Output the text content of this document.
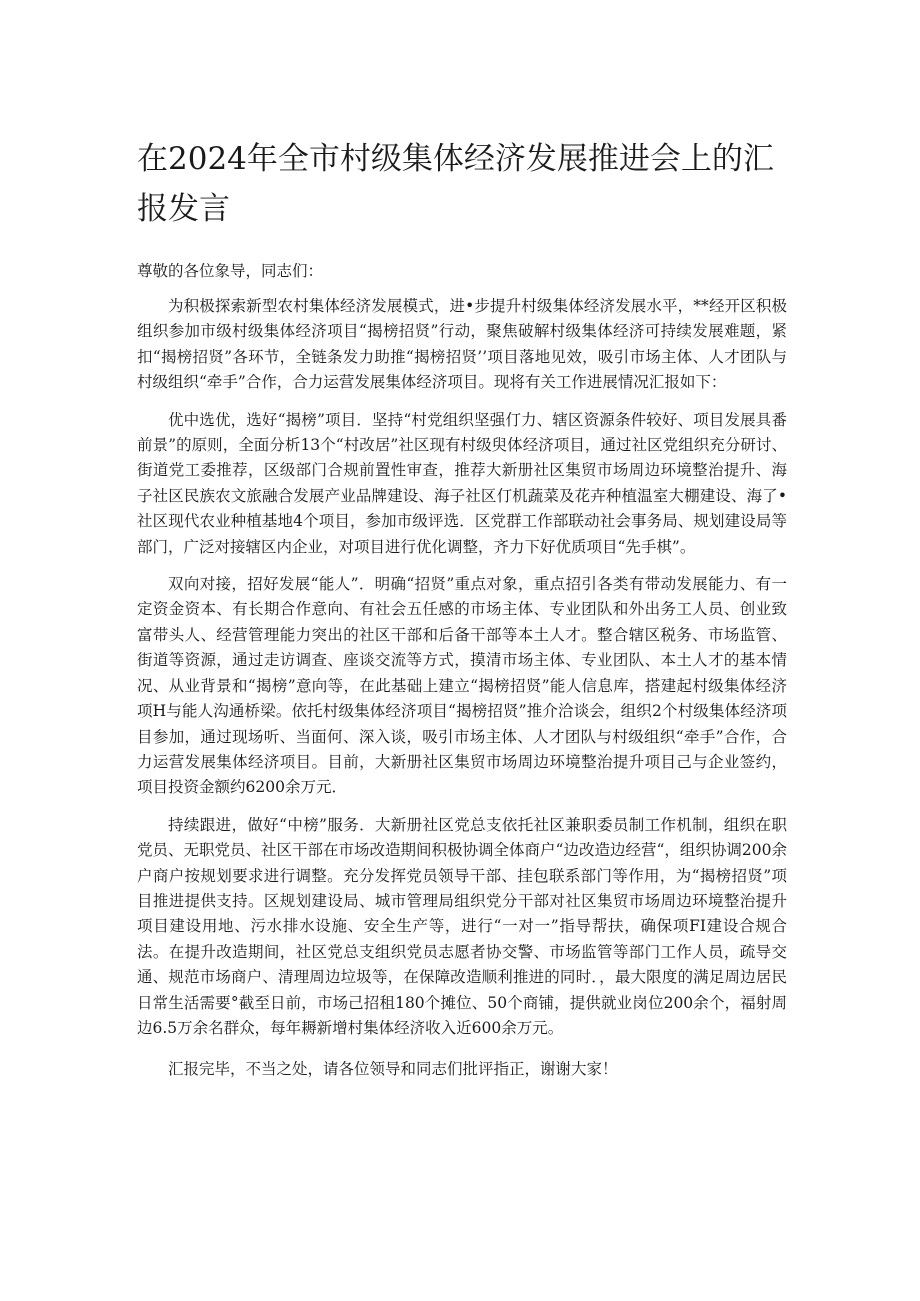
在2024年全市村级集体经济发展推进会上的汇报发言

尊敬的各位象导，同志们：

为积极探索新型农村集体经济发展模式，进•步提升村级集体经济发展水平，**经开区积极组织参加市级村级集体经济项目“揭榜招贤”行动，聚焦破解村级集体经济可持续发展难题，紧扣“揭榜招贤”各环节，全链条发力助推“揭榜招贤’’项目落地见效，吸引市场主体、人才团队与村级组织“牵手”合作，合力运营发展集体经济项目。现将有关工作进展情况汇报如下：

优中选优，选好“揭榜”项目．坚持“村党组织坚强仃力、辖区资源条件较好、项目发展具番前景”的原则，全面分析13个“村改居”社区现有村级臾体经济项目，通过社区党组织充分研讨、街道党工委推荐，区级部门合规前置性审查，推荐大新册社区集贸市场周边环境整治提升、海子社区民族农文旅融合发展产业品牌建设、海子社区仃机蔬菜及花卉种植温室大棚建设、海了•社区现代农业种植基地4个项目，参加市级评选．区党群工作部联动社会事务局、规划建设局等部门，广泛对接辖区内企业，对项目进行优化调整，齐力下好优质项目“先手棋”。

双向对接，招好发展“能人”．明确“招贤”重点对象，重点招引各类有带动发展能力、有一定资金资本、有长期合作意向、有社会五任感的市场主体、专业团队和外出务工人员、创业致富带头人、经营管理能力突出的社区干部和后备干部等本土人才。整合辖区税务、市场监管、街道等资源，通过走访调查、座谈交流等方式，摸清市场主体、专业团队、本土人才的基本情况、从业背景和“揭榜”意向等，在此基础上建立“揭榜招贤”能人信息库，搭建起村级集体经济项H与能人沟通桥梁。依托村级集体经济项目“揭榜招贤”推介洽谈会，组织2个村级集体经济项目参加，通过现场听、当面何、深入谈，吸引市场主体、人才团队与村级组织“牵手”合作，合力运营发展集体经济项目。目前，大新册社区集贸市场周边环境整治提升项目己与企业签约，项目投资金额约6200余万元．

持续跟进，做好“中榜”服务．大新册社区党总支依托社区兼职委员制工作机制，组织在职党员、无职党员、社区干部在市场改造期间积极协调全体商户“边改造边经营“，组织协调200余户商户按规划要求进行调整。充分发挥党员领导干部、挂包联系部门等作用，为“揭榜招贤”项目推进提供支持。区规划建设局、城市管理局组织党分干部对社区集贸市场周边环境整治提升项目建设用地、污水排水设施、安全生产等，进行“一对一”指导帮扶，确保项FI建设合规合法。在提升改造期间，社区党总支组织党员志愿者协交警、市场监管等部门工作人员，疏导交通、规范市场商户、清理周边垃圾等，在保障改造顺利推进的同时．，最大限度的满足周边居民日常生活需要°截至日前，市场己招租180个摊位、50个商铺，提供就业岗位200余个，福射周边6.5万余名群众，每年耨新增村集体经济收入近600余万元。

汇报完毕，不当之处，请各位领导和同志们批评指正，谢谢大家！
